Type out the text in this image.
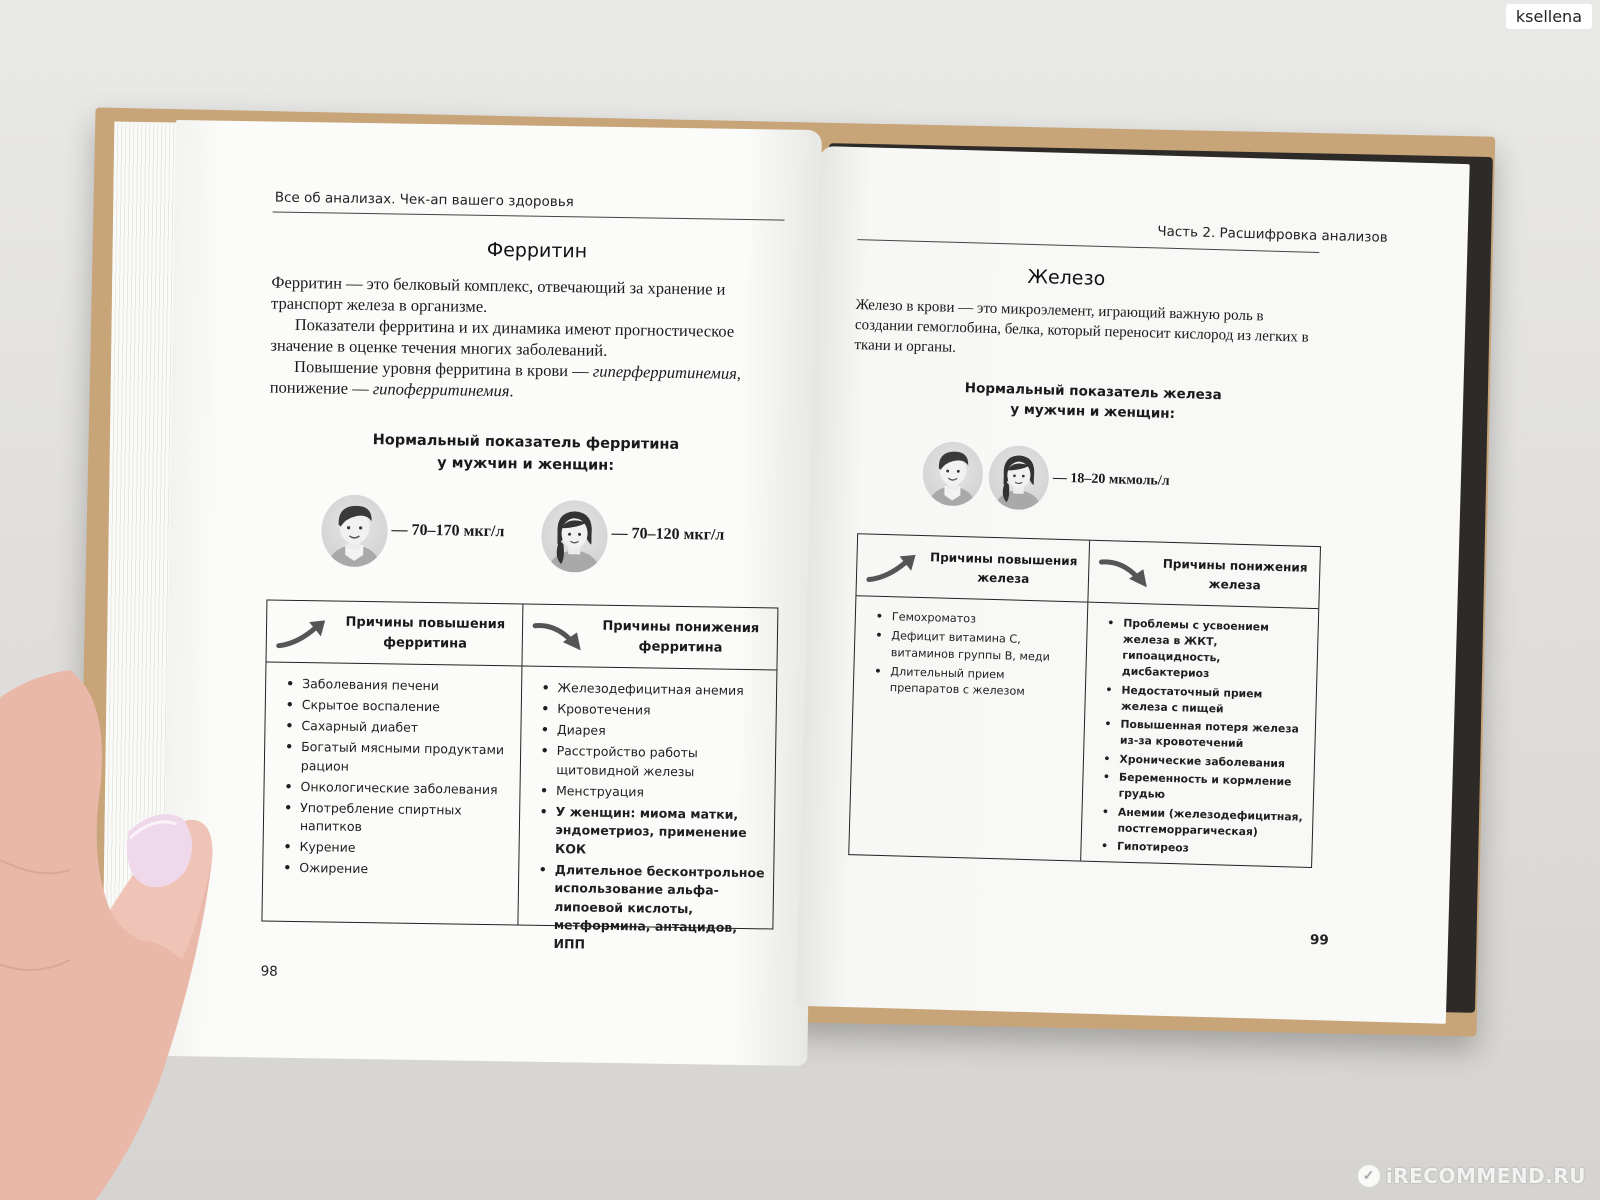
Все об анализах. Чек-ап вашего здоровья
Ферритин

Ферритин — это белковый комплекс, отвечающий за хранение и транспорт железа в организме.

Показатели ферритина и их динамика имеют прогностическое значение в оценке течения многих заболеваний.

Повышение уровня ферритина в крови — гиперферритинемия, понижение — гипоферритинемия.

Нормальный показатель ферритина
у мужчин и женщин:
— 70–170 мкг/л	— 70–120 мкг/л
Причины повышения
ферритина
• Заболевания печени
• Скрытое воспаление
• Сахарный диабет
• Богатый мясными продуктами рацион
• Онкологические заболевания
• Употребление спиртных напитков
• Курение
• Ожирение
Причины понижения
ферритина
• Железодефицитная анемия
• Кровотечения
• Диарея
• Расстройство работы щитовидной железы
• Менструация
• У женщин: миома матки, эндометриоз, применение КОК
• Длительное бесконтрольное использование альфа-липоевой кислоты, метформина, антацидов, ИПП
98
Часть 2. Расшифровка анализов
Железо

Железо в крови — это микроэлемент, играющий важную роль в создании гемоглобина, белка, который переносит кислород из легких в ткани и органы.

Нормальный показатель железа
у мужчин и женщин:
— 18–20 мкмоль/л
Причины повышения
железа
• Гемохроматоз
• Дефицит витамина С, витаминов группы В, меди
• Длительный прием препаратов с железом
Причины понижения
железа
• Проблемы с усвоением железа в ЖКТ, гипоацидность, дисбактериоз
• Недостаточный прием железа с пищей
• Повышенная потеря железа из-за кровотечений
• Хронические заболевания
• Беременность и кормление грудью
• Анемии (железодефицитная, постгеморрагическая)
• Гипотиреоз
99
ksellena
✓ iRECOMMEND.RU
